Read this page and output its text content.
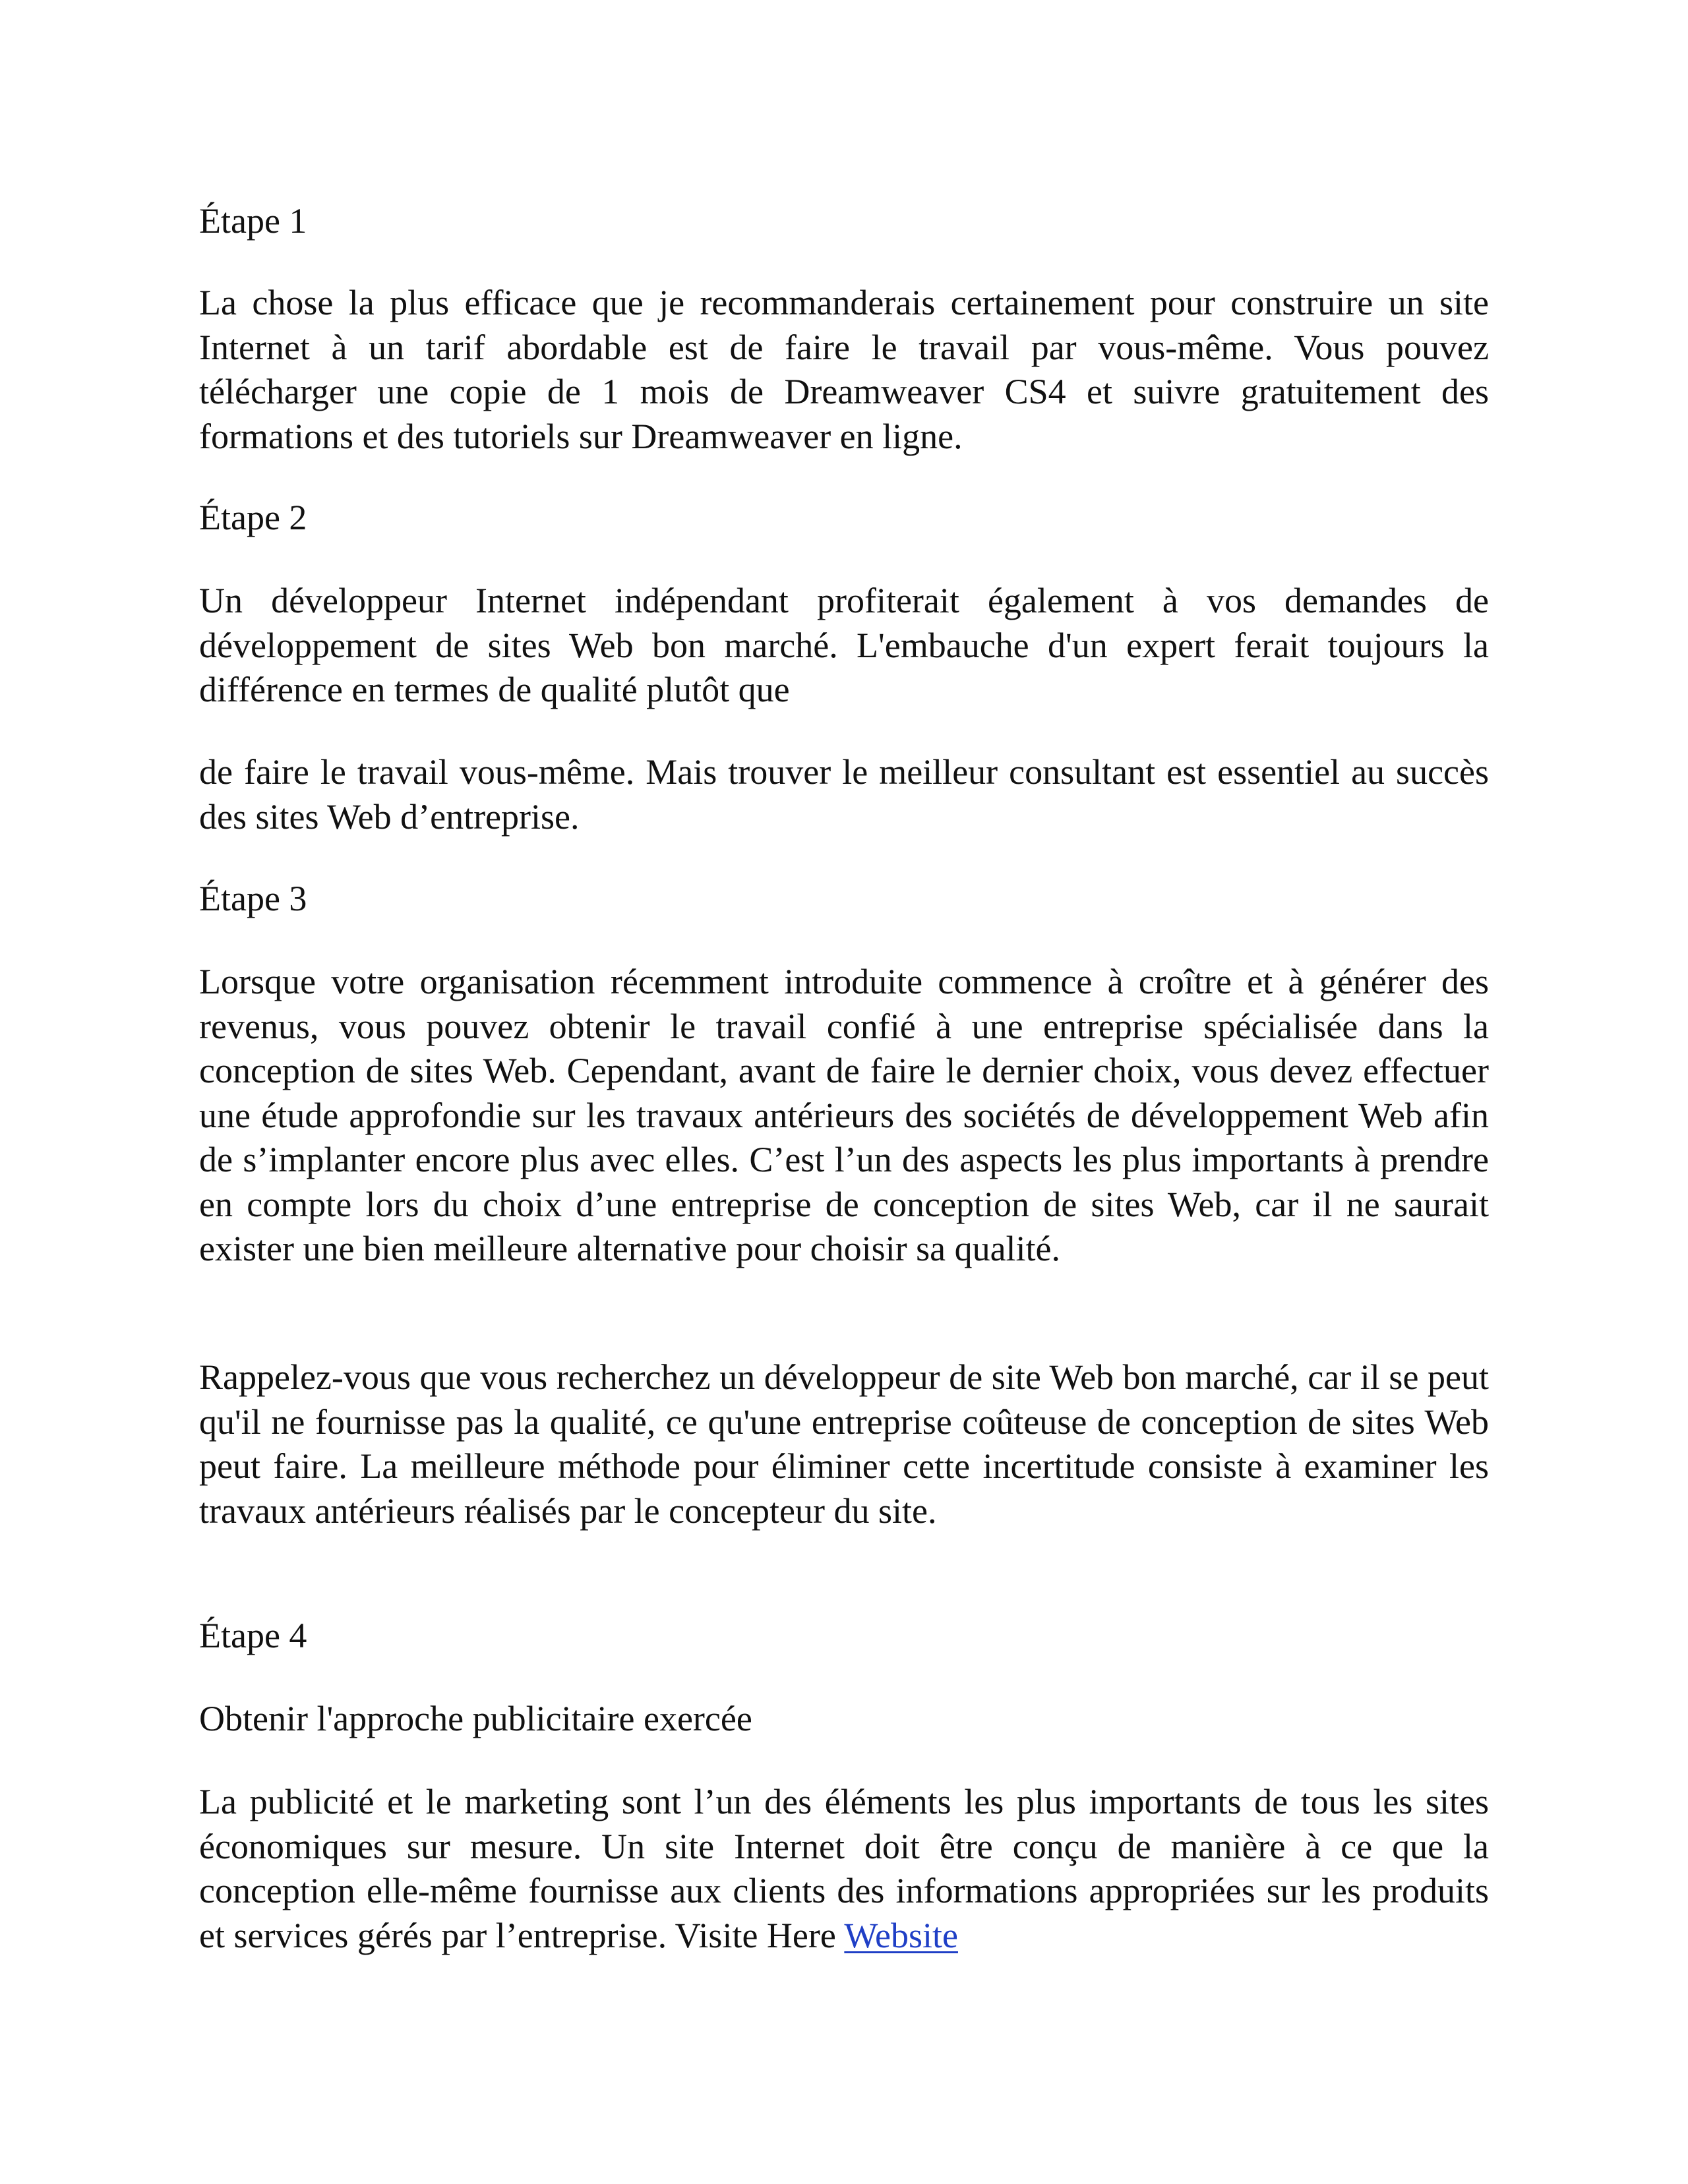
Étape 1

La chose la plus efficace que je recommanderais certainement pour construire un site Internet à un tarif abordable est de faire le travail par vous-même. Vous pouvez télécharger une copie de 1 mois de Dreamweaver CS4 et suivre gratuitement des formations et des tutoriels sur Dreamweaver en ligne.

Étape 2

Un développeur Internet indépendant profiterait également à vos demandes de développement de sites Web bon marché. L'embauche d'un expert ferait toujours la différence en termes de qualité plutôt que

de faire le travail vous-même. Mais trouver le meilleur consultant est essentiel au succès des sites Web d’entreprise.

Étape 3

Lorsque votre organisation récemment introduite commence à croître et à générer des revenus, vous pouvez obtenir le travail confié à une entreprise spécialisée dans la conception de sites Web. Cependant, avant de faire le dernier choix, vous devez effectuer une étude approfondie sur les travaux antérieurs des sociétés de développement Web afin de s’implanter encore plus avec elles. C’est l’un des aspects les plus importants à prendre en compte lors du choix d’une entreprise de conception de sites Web, car il ne saurait exister une bien meilleure alternative pour choisir sa qualité.

Rappelez-vous que vous recherchez un développeur de site Web bon marché, car il se peut qu'il ne fournisse pas la qualité, ce qu'une entreprise coûteuse de conception de sites Web peut faire. La meilleure méthode pour éliminer cette incertitude consiste à examiner les travaux antérieurs réalisés par le concepteur du site.

Étape 4

Obtenir l'approche publicitaire exercée

La publicité et le marketing sont l’un des éléments les plus importants de tous les sites économiques sur mesure. Un site Internet doit être conçu de manière à ce que la conception elle-même fournisse aux clients des informations appropriées sur les produits et services gérés par l’entreprise. Visite Here Website
